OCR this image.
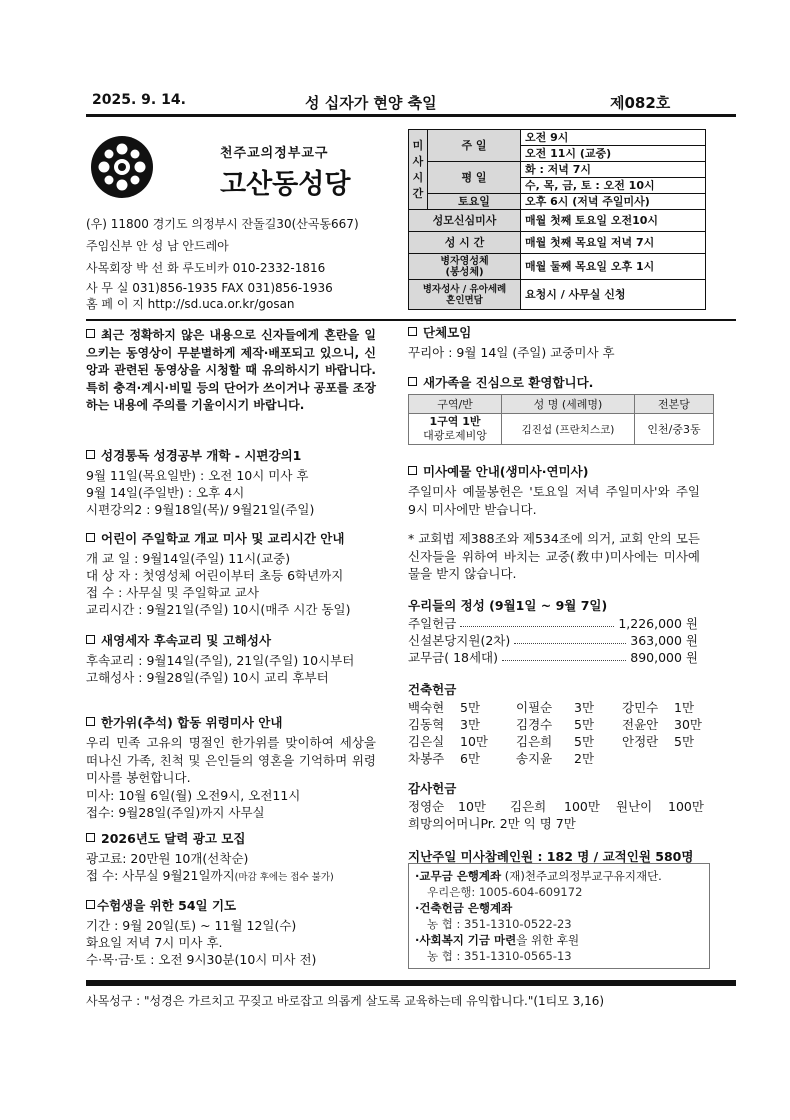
2025. 9. 14.	성 십자가 현양 축일	제082호
천주교의정부교구
고산동성당
(우) 11800 경기도 의정부시 잔돌길30(산곡동667)
주임신부 안 성 남 안드레아
사목회장 박 선 화 루도비카 010-2332-1816
사 무 실 031)856-1935 FAX 031)856-1936
홈 페 이 지 http://sd.uca.or.kr/gosan
미
사
시
간	주 일	오전 9시
		오전 11시 (교중)
	평 일	화 : 저녁 7시
		수, 목, 금, 토 : 오전 10시
	토요일	오후 6시 (저녁 주일미사)
성모신심미사		매월 첫째 토요일 오전10시
성 시 간		매월 첫째 목요일 저녁 7시
병자영성체
(봉성체)		매월 둘째 목요일 오후 1시
병자성사 / 유아세례
혼인면담		요청시 / 사무실 신청
최근 정확하지 않은 내용으로 신자들에게 혼란을 일으키는 동영상이 무분별하게 제작·배포되고 있으니, 신앙과 관련된 동영상을 시청할 때 유의하시기 바랍니다. 특히 충격·계시·비밀 등의 단어가 쓰이거나 공포를 조장하는 내용에 주의를 기울이시기 바랍니다.
성경통독 성경공부 개학 - 시편강의1
9월 11일(목요일반) : 오전 10시 미사 후
9월 14일(주일반) : 오후 4시
시편강의2 : 9월18일(목)/ 9월21일(주일)
어린이 주일학교 개교 미사 및 교리시간 안내
개 교 일 : 9월14일(주일) 11시(교중)
대 상 자 : 첫영성체 어린이부터 초등 6학년까지
접 수 : 사무실 및 주일학교 교사
교리시간 : 9월21일(주일) 10시(매주 시간 동일)
새영세자 후속교리 및 고해성사
후속교리 : 9월14일(주일), 21일(주일) 10시부터
고해성사 : 9월28일(주일) 10시 교리 후부터
한가위(추석) 합동 위령미사 안내
우리 민족 고유의 명절인 한가위를 맞이하여 세상을 떠나신 가족, 친척 및 은인들의 영혼을 기억하며 위령미사를 봉헌합니다.
미사: 10월 6일(월) 오전9시, 오전11시
접수: 9월28일(주일)까지 사무실
2026년도 달력 광고 모집
광고료: 20만원 10개(선착순)
접 수: 사무실 9월21일까지(마감 후에는 접수 불가)
수험생을 위한 54일 기도
기간 : 9월 20일(토) ~ 11월 12일(수)
화요일 저녁 7시 미사 후.
수·목·금·토 : 오전 9시30분(10시 미사 전)
단체모임
꾸리아 : 9월 14일 (주일) 교중미사 후
새가족을 진심으로 환영합니다.
구역/반	성 명 (세례명)	전본당

1구역 1반
대광로제비앙	김진섭 (프란치스코)	인천/중3동
미사예물 안내(생미사·연미사)
주일미사 예물봉헌은 '토요일 저녁 주일미사'와 주일 9시 미사에만 받습니다.
* 교회법 제388조와 제534조에 의거, 교회 안의 모든 신자들을 위하여 바치는 교중(敎中)미사에는 미사예물을 받지 않습니다.
우리들의 정성 (9월1일 ~ 9월 7일)
주일헌금	1,226,000 원
신설본당지원(2차)	363,000 원
교무금( 18세대)	890,000 원
건축헌금
백숙현 5만	이필순 3만 강민수 1만
김동혁 3만	김경수 5만 전윤안 30만
김은실 10만 김은희 5만 안정란 5만
차봉주 6만	송지윤 2만
감사헌금
정영순 10만 김은희 100만 원난이 100만
희망의어머니Pr. 2만 익 명 7만
지난주일 미사참례인원 : 182 명 / 교적인원 580명
·교무금 은행계좌 (재)천주교의정부교구유지재단.
우리은행: 1005-604-609172
·건축헌금 은행계좌
농 협 : 351-1310-0522-23
·사회복지 기금 마련을 위한 후원
농 협 : 351-1310-0565-13
사목성구 : "성경은 가르치고 꾸짖고 바로잡고 의롭게 살도록 교육하는데 유익합니다."(1티모 3,16)
